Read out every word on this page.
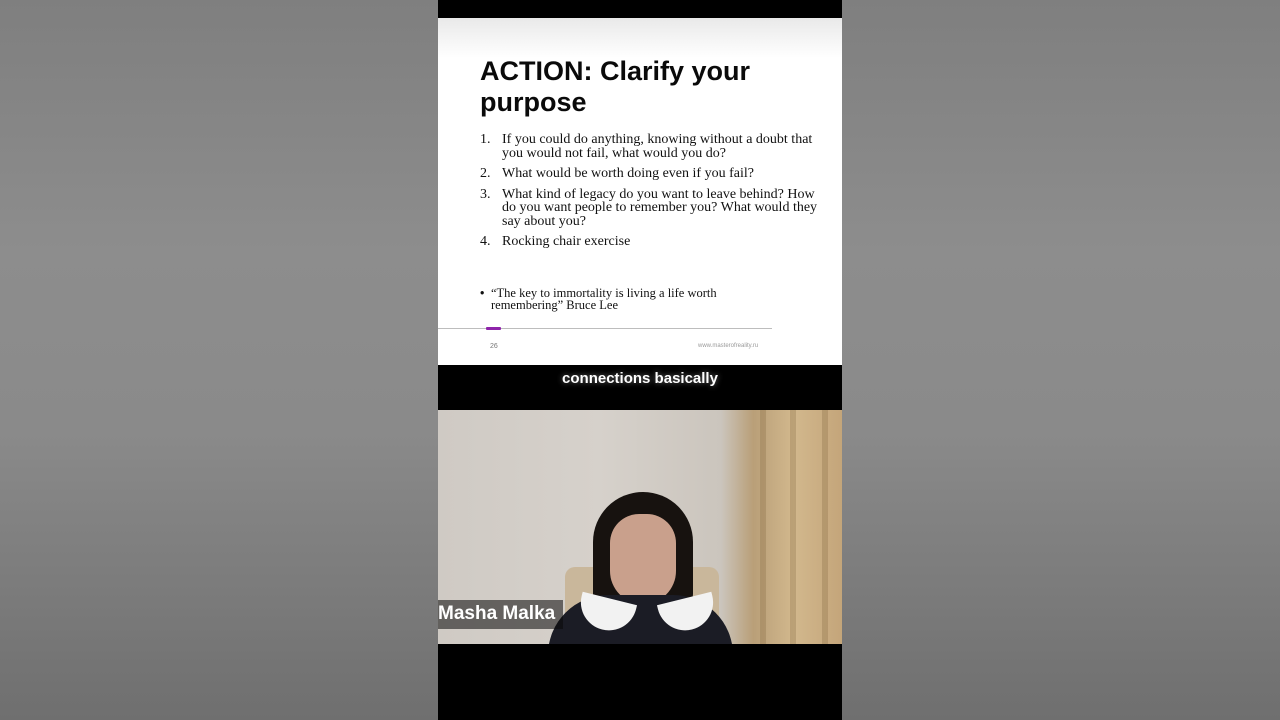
ACTION: Clarify your purpose
1. If you could do anything, knowing without a doubt that you would not fail, what would you do?
2. What would be worth doing even if you fail?
3. What kind of legacy do you want to leave behind? How do you want people to remember you? What would they say about you?
4. Rocking chair exercise
• “The key to immortality is living a life worth remembering” Bruce Lee
26	www.masterofreality.ru
connections basically
Masha Malka
